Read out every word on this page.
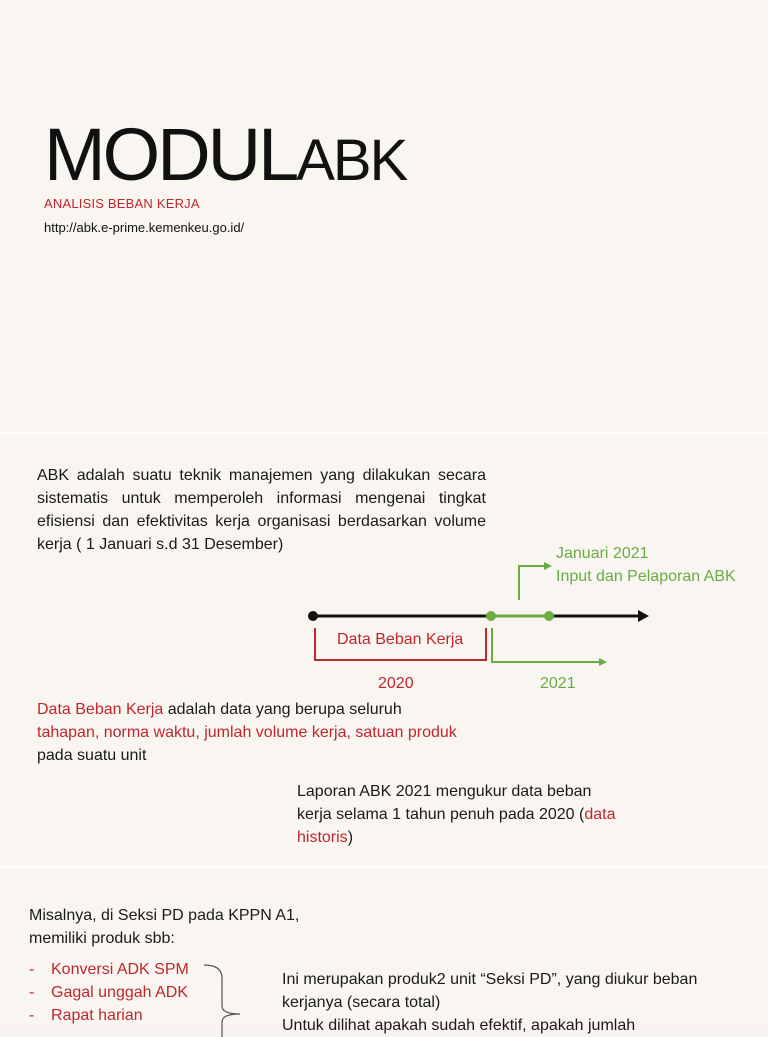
MODULABK
ANALISIS BEBAN KERJA
http://abk.e-prime.kemenkeu.go.id/

ABK adalah suatu teknik manajemen yang dilakukan secara sistematis untuk memperoleh informasi mengenai tingkat efisiensi dan efektivitas kerja organisasi berdasarkan volume kerja ( 1 Januari s.d 31 Desember)

Januari 2021
Input dan Pelaporan ABK
Data Beban Kerja
2020	2021

Data Beban Kerja adalah data yang berupa seluruh tahapan, norma waktu, jumlah volume kerja, satuan produk pada suatu unit

Laporan ABK 2021 mengukur data beban kerja selama 1 tahun penuh pada 2020 (data historis)

Misalnya, di Seksi PD pada KPPN A1, memiliki produk sbb:

- Konversi ADK SPM
- Gagal unggah ADK
- Rapat harian

Ini merupakan produk2 unit “Seksi PD”, yang diukur beban kerjanya (secara total)
Untuk dilihat apakah sudah efektif, apakah jumlah
